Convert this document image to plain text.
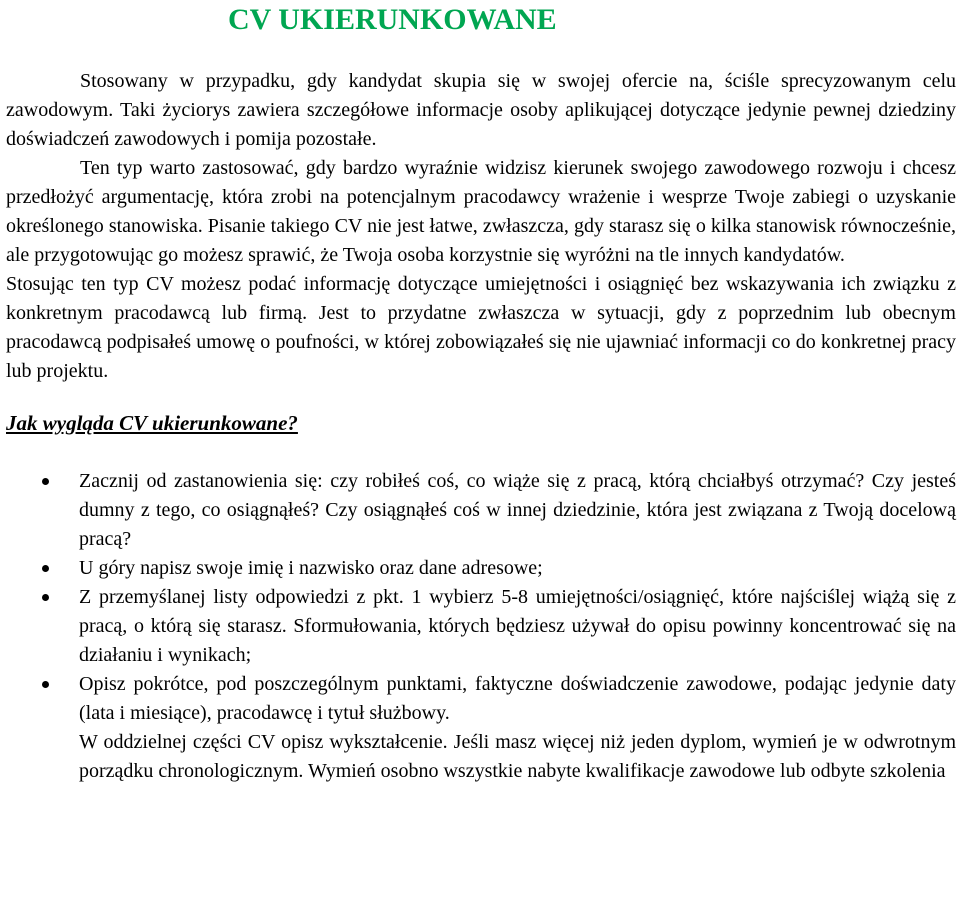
CV UKIERUNKOWANE

Stosowany w przypadku, gdy kandydat skupia się w swojej ofercie na, ściśle sprecyzowanym celu zawodowym. Taki życiorys zawiera szczegółowe informacje osoby aplikującej dotyczące jedynie pewnej dziedziny doświadczeń zawodowych i pomija pozostałe.

Ten typ warto zastosować, gdy bardzo wyraźnie widzisz kierunek swojego zawodowego rozwoju i chcesz przedłożyć argumentację, która zrobi na potencjalnym pracodawcy wrażenie i wesprze Twoje zabiegi o uzyskanie określonego stanowiska. Pisanie takiego CV nie jest łatwe, zwłaszcza, gdy starasz się o kilka stanowisk równocześnie, ale przygotowując go możesz sprawić, że Twoja osoba korzystnie się wyróżni na tle innych kandydatów.

Stosując ten typ CV możesz podać informację dotyczące umiejętności i osiągnięć bez wskazywania ich związku z konkretnym pracodawcą lub firmą. Jest to przydatne zwłaszcza w sytuacji, gdy z poprzednim lub obecnym pracodawcą podpisałeś umowę o poufności, w której zobowiązałeś się nie ujawniać informacji co do konkretnej pracy lub projektu.

Jak wygląda CV ukierunkowane?
Zacznij od zastanowienia się: czy robiłeś coś, co wiąże się z pracą, którą chciałbyś otrzymać? Czy jesteś dumny z tego, co osiągnąłeś? Czy osiągnąłeś coś w innej dziedzinie, która jest związana z Twoją docelową pracą?
U góry napisz swoje imię i nazwisko oraz dane adresowe;
Z przemyślanej listy odpowiedzi z pkt. 1 wybierz 5-8 umiejętności/osiągnięć, które najściślej wiążą się z pracą, o którą się starasz. Sformułowania, których będziesz używał do opisu powinny koncentrować się na działaniu i wynikach;
Opisz pokrótce, pod poszczególnym punktami, faktyczne doświadczenie zawodowe, podając jedynie daty (lata i miesiące), pracodawcę i tytuł służbowy.
W oddzielnej części CV opisz wykształcenie. Jeśli masz więcej niż jeden dyplom, wymień je w odwrotnym porządku chronologicznym. Wymień osobno wszystkie nabyte kwalifikacje zawodowe lub odbyte szkolenia
